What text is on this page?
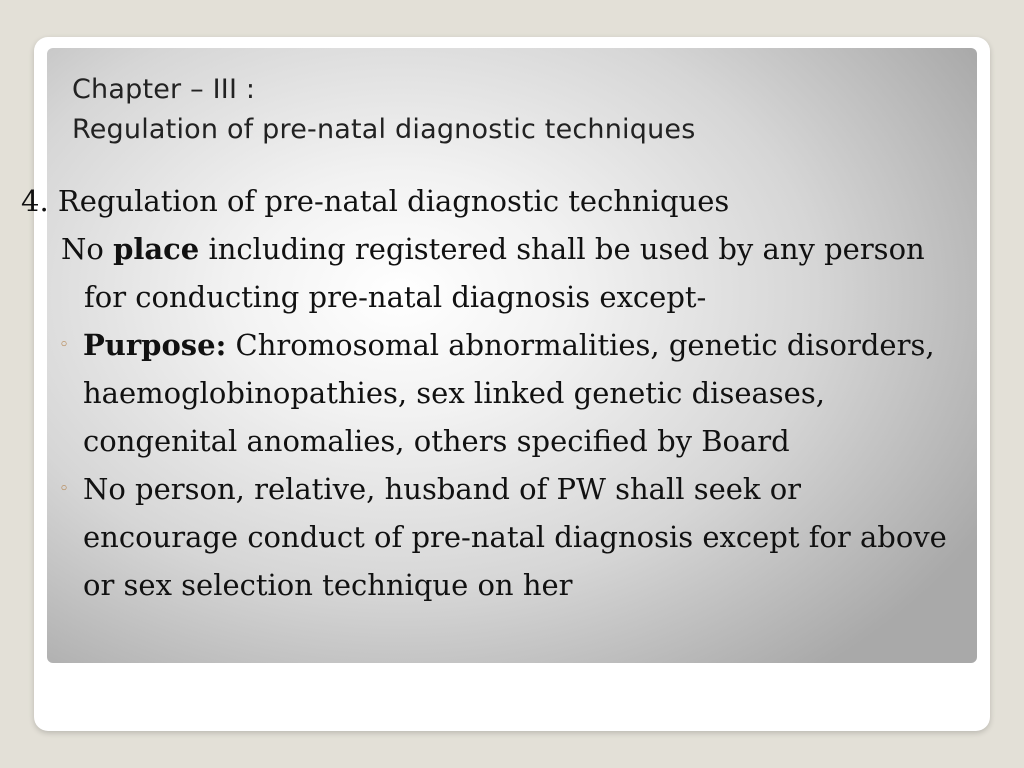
Chapter – III :
Regulation of pre-natal diagnostic techniques

4. Regulation of pre-natal diagnostic techniques

No place including registered shall be used by any person for conducting pre-natal diagnosis except-

◦ Purpose: Chromosomal abnormalities, genetic disorders, haemoglobinopathies, sex linked genetic diseases, congenital anomalies, others specified by Board
◦ No person, relative, husband of PW shall seek or encourage conduct of pre-natal diagnosis except for above or sex selection technique on her
